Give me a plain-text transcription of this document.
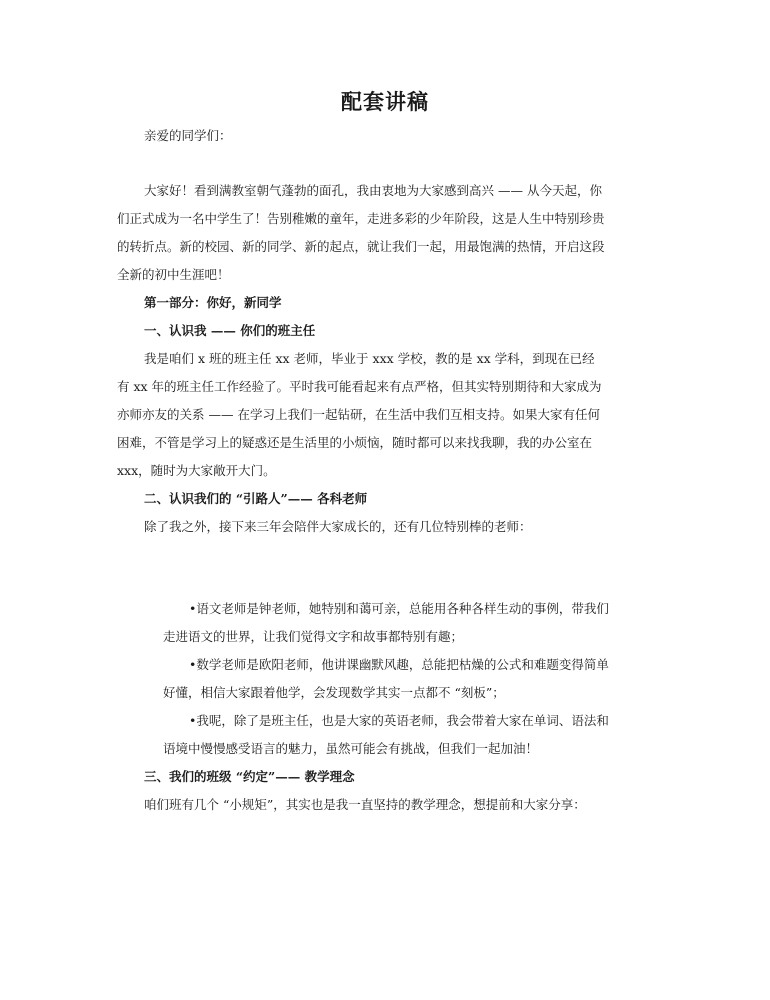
配套讲稿
亲爱的同学们：
大家好！看到满教室朝气蓬勃的面孔，我由衷地为大家感到高兴 —— 从今天起，你
们正式成为一名中学生了！告别稚嫩的童年，走进多彩的少年阶段，这是人生中特别珍贵
的转折点。新的校园、新的同学、新的起点，就让我们一起，用最饱满的热情，开启这段
全新的初中生涯吧！
第一部分：你好，新同学
一、认识我 —— 你们的班主任
我是咱们 x 班的班主任 xx 老师，毕业于 xxx 学校，教的是 xx 学科，到现在已经
有 xx 年的班主任工作经验了。平时我可能看起来有点严格，但其实特别期待和大家成为
亦师亦友的关系 —— 在学习上我们一起钻研，在生活中我们互相支持。如果大家有任何
困难，不管是学习上的疑惑还是生活里的小烦恼，随时都可以来找我聊，我的办公室在
xxx，随时为大家敞开大门。
二、认识我们的 “引路人”—— 各科老师
除了我之外，接下来三年会陪伴大家成长的，还有几位特别棒的老师：
•语文老师是钟老师，她特别和蔼可亲，总能用各种各样生动的事例，带我们
走进语文的世界，让我们觉得文字和故事都特别有趣；
•数学老师是欧阳老师，他讲课幽默风趣，总能把枯燥的公式和难题变得简单
好懂，相信大家跟着他学，会发现数学其实一点都不 “刻板”；
•我呢，除了是班主任，也是大家的英语老师，我会带着大家在单词、语法和
语境中慢慢感受语言的魅力，虽然可能会有挑战，但我们一起加油！
三、我们的班级 “约定”—— 教学理念
咱们班有几个 “小规矩”，其实也是我一直坚持的教学理念，想提前和大家分享：
